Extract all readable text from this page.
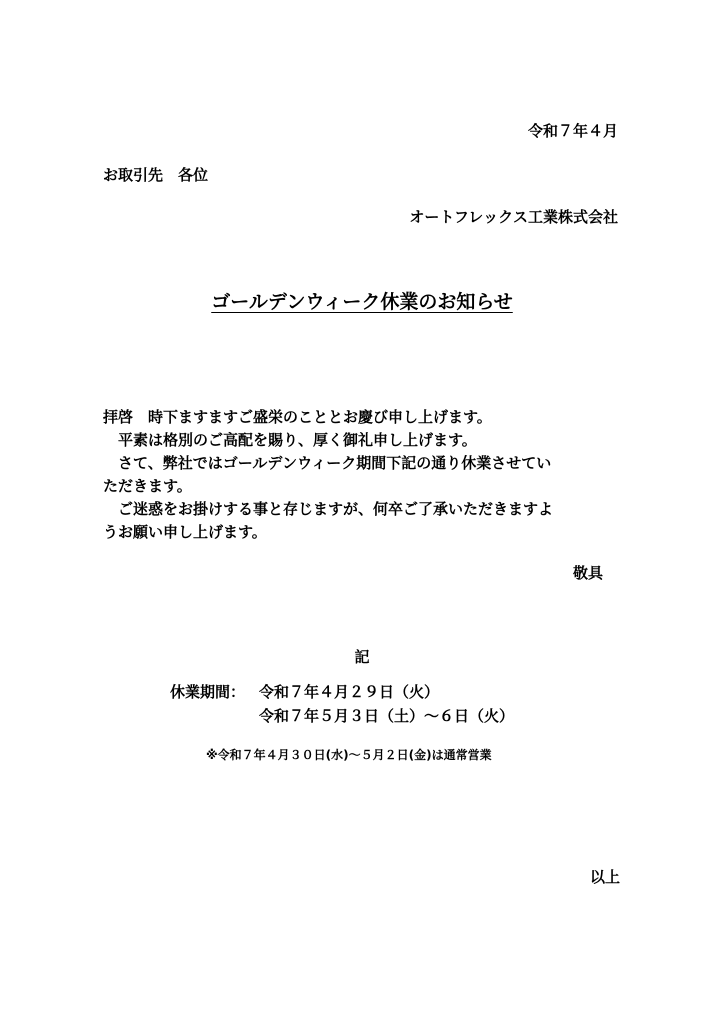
令和７年４月
お取引先　各位
オートフレックス工業株式会社
ゴールデンウィーク休業のお知らせ
拝啓　時下ますますご盛栄のこととお慶び申し上げます。
　平素は格別のご高配を賜り、厚く御礼申し上げます。
　さて、弊社ではゴールデンウィーク期間下記の通り休業させてい
ただきます。
　ご迷惑をお掛けする事と存じますが、何卒ご了承いただきますよ
うお願い申し上げます。
敬具
記
休業期間： 令和７年４月２９日（火）
令和７年５月３日（土）～６日（火）
※令和７年４月３０日(水)～５月２日(金)は通常営業
以上
